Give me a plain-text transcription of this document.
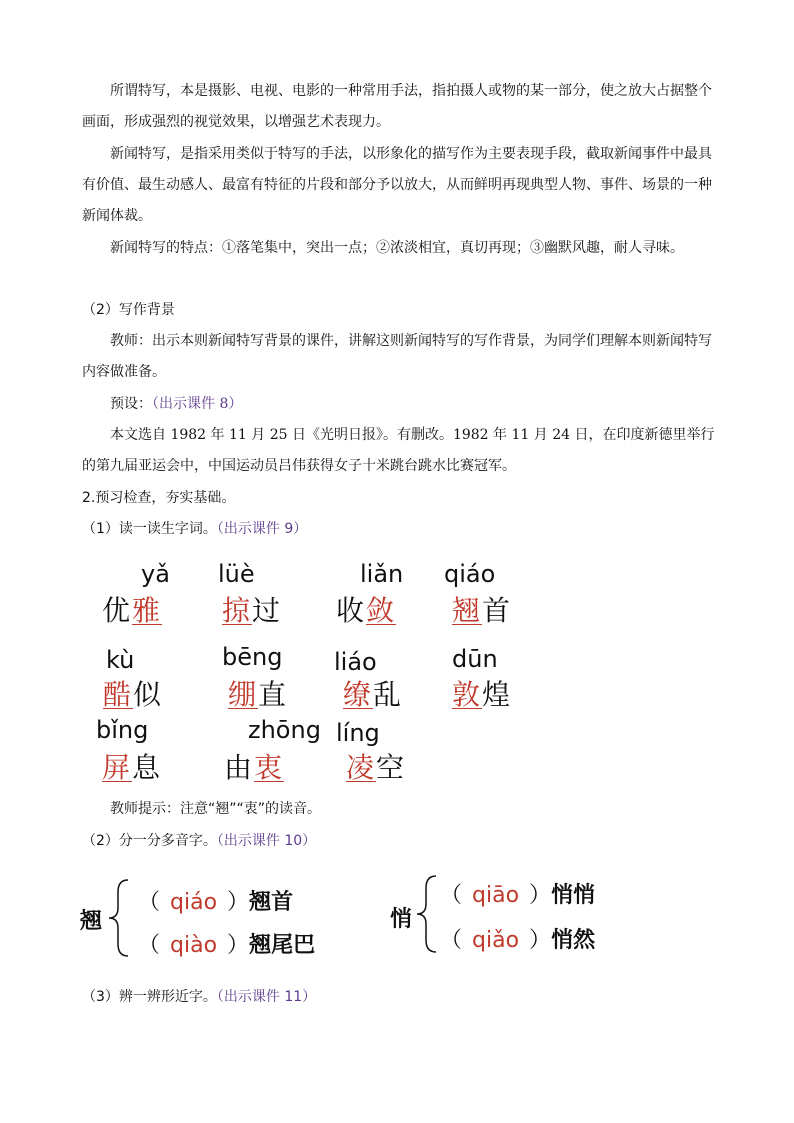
所谓特写，本是摄影、电视、电影的一种常用手法，指拍摄人或物的某一部分，使之放大占据整个画面，形成强烈的视觉效果，以增强艺术表现力。

新闻特写，是指采用类似于特写的手法，以形象化的描写作为主要表现手段，截取新闻事件中最具有价值、最生动感人、最富有特征的片段和部分予以放大，从而鲜明再现典型人物、事件、场景的一种新闻体裁。

新闻特写的特点：①落笔集中，突出一点；②浓淡相宜，真切再现；③幽默风趣，耐人寻味。

（2）写作背景

教师：出示本则新闻特写背景的课件，讲解这则新闻特写的写作背景，为同学们理解本则新闻特写内容做准备。

预设：（出示课件 8）

本文选自 1982 年 11 月 25 日《光明日报》。有删改。1982 年 11 月 24 日，在印度新德里举行的第九届亚运会中，中国运动员吕伟获得女子十米跳台跳水比赛冠军。

2.预习检查，夯实基础。

（1）读一读生字词。（出示课件 9）

yǎ
优雅
lüè
掠过
liǎn
收敛
qiáo
翘首
kù
酷似
bēng
绷直
liáo
缭乱
dūn
敦煌
bǐng
屏息
zhōng
由衷
líng
凌空

教师提示：注意“翘”“衷”的读音。

（2）分一分多音字。（出示课件 10）

翘
（ qiáo ）翘首
（ qiào ）翘尾巴
悄
（ qiāo ）悄悄
（ qiǎo ）悄然

（3）辨一辨形近字。（出示课件 11）
